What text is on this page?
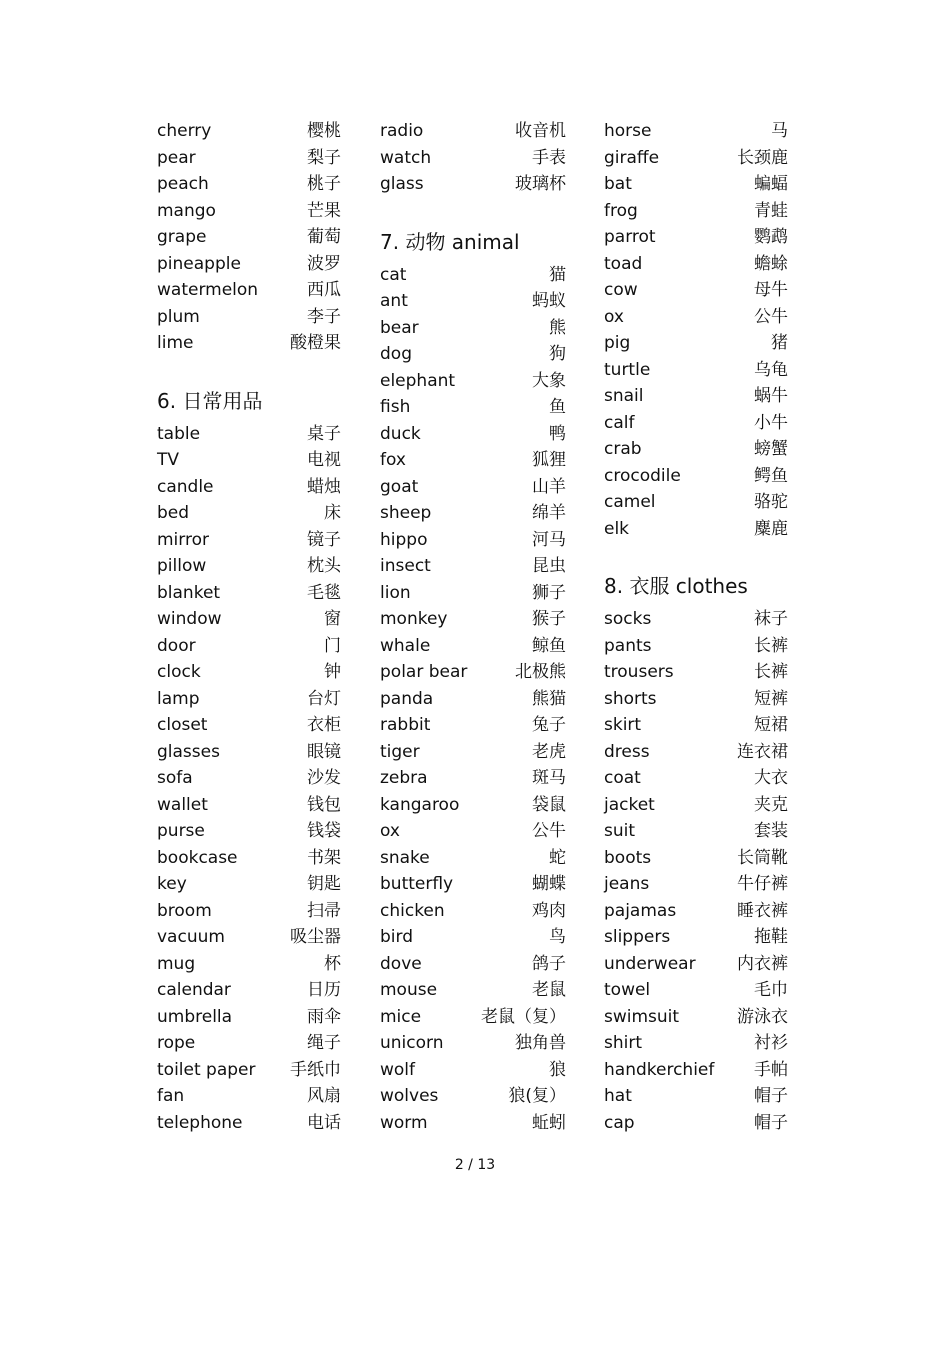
cherry	樱桃
pear	梨子
peach	桃子
mango	芒果
grape	葡萄
pineapple	波罗
watermelon	西瓜
plum	李子
lime	酸橙果
6. 日常用品
table	桌子
TV	电视
candle	蜡烛
bed	床
mirror	镜子
pillow	枕头
blanket	毛毯
window	窗
door	门
clock	钟
lamp	台灯
closet	衣柜
glasses	眼镜
sofa	沙发
wallet	钱包
purse	钱袋
bookcase	书架
key	钥匙
broom	扫帚
vacuum	吸尘器
mug	杯
calendar	日历
umbrella	雨伞
rope	绳子
toilet paper 手纸巾
fan	风扇
telephone	电话
radio	收音机
watch	手表
glass	玻璃杯
7. 动物 animal
cat	猫
ant	蚂蚁
bear	熊
dog	狗
elephant	大象
fish	鱼
duck	鸭
fox	狐狸
goat	山羊
sheep	绵羊
hippo	河马
insect	昆虫
lion	狮子
monkey	猴子
whale	鲸鱼
polar bear	北极熊
panda	熊猫
rabbit	兔子
tiger	老虎
zebra	斑马
kangaroo	袋鼠
ox	公牛
snake	蛇
butterfly	蝴蝶
chicken	鸡肉
bird	鸟
dove	鸽子
mouse	老鼠
mice	老鼠（复）
unicorn	独角兽
wolf	狼
wolves	狼(复）
worm	蚯蚓
horse	马
giraffe	长颈鹿
bat	蝙蝠
frog	青蛙
parrot	鹦鹉
toad	蟾蜍
cow	母牛
ox	公牛
pig	猪
turtle	乌龟
snail	蜗牛
calf	小牛
crab	螃蟹
crocodile	鳄鱼
camel	骆驼
elk	麋鹿
8. 衣服 clothes
socks	袜子
pants	长裤
trousers	长裤
shorts	短裤
skirt	短裙
dress	连衣裙
coat	大衣
jacket	夹克
suit	套装
boots	长筒靴
jeans	牛仔裤
pajamas	睡衣裤
slippers	拖鞋
underwear 内衣裤
towel	毛巾
swimsuit	游泳衣
shirt	衬衫
handkerchief 手帕
hat	帽子
cap	帽子
2 / 13
